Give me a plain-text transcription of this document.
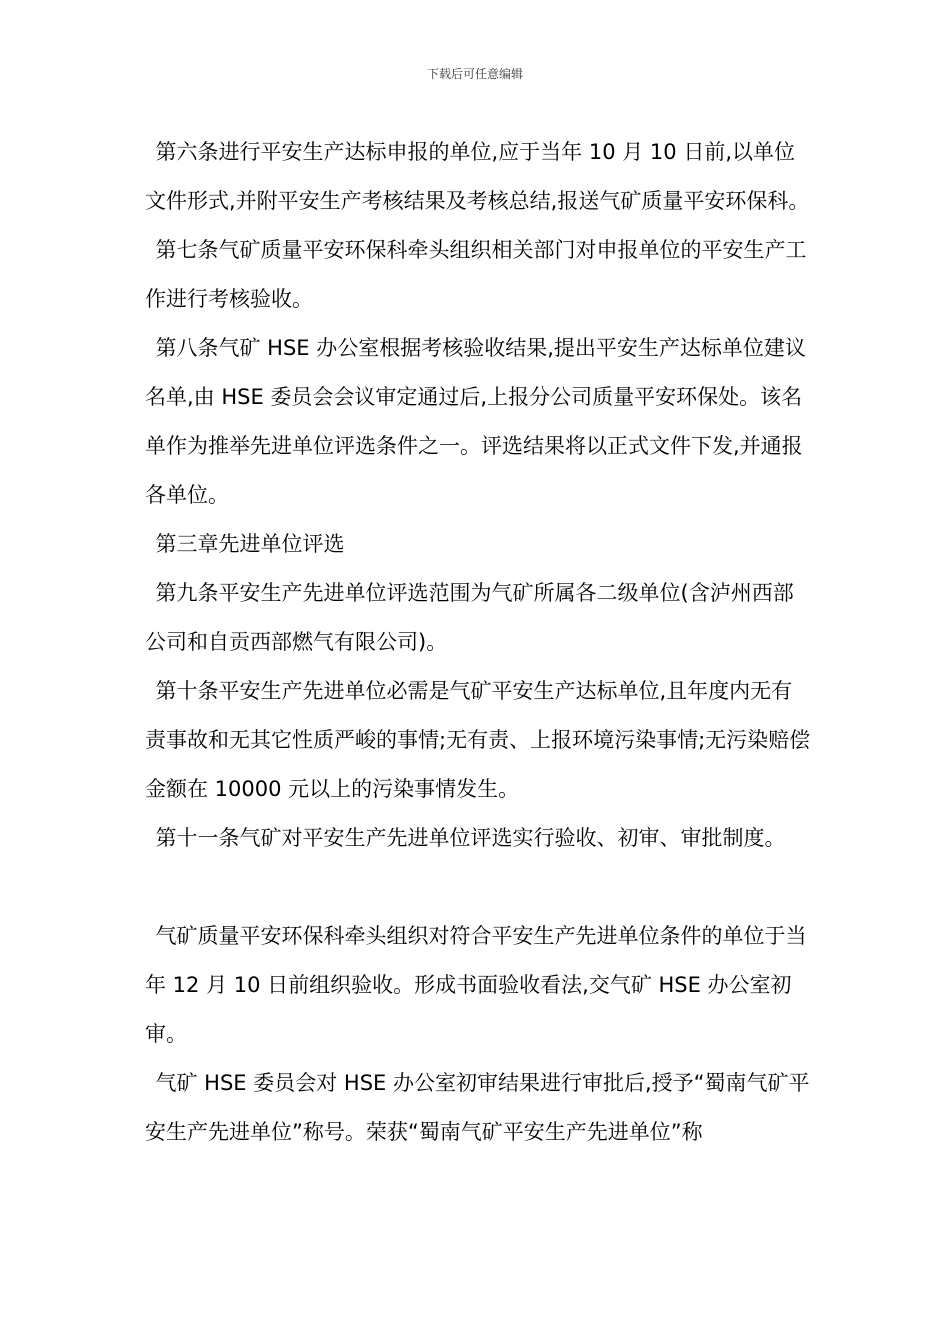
下载后可任意编辑

第六条进行平安生产达标申报的单位,应于当年 10 月 10 日前,以单位文件形式,并附平安生产考核结果及考核总结,报送气矿质量平安环保科。

第七条气矿质量平安环保科牵头组织相关部门对申报单位的平安生产工作进行考核验收。

第八条气矿 HSE 办公室根据考核验收结果,提出平安生产达标单位建议名单,由 HSE 委员会会议审定通过后,上报分公司质量平安环保处。该名单作为推举先进单位评选条件之一。评选结果将以正式文件下发,并通报各单位。

第三章先进单位评选

第九条平安生产先进单位评选范围为气矿所属各二级单位(含泸州西部公司和自贡西部燃气有限公司)。

第十条平安生产先进单位必需是气矿平安生产达标单位,且年度内无有责事故和无其它性质严峻的事情;无有责、上报环境污染事情;无污染赔偿金额在 10000 元以上的污染事情发生。

第十一条气矿对平安生产先进单位评选实行验收、初审、审批制度。

气矿质量平安环保科牵头组织对符合平安生产先进单位条件的单位于当年 12 月 10 日前组织验收。形成书面验收看法,交气矿 HSE 办公室初审。

气矿 HSE 委员会对 HSE 办公室初审结果进行审批后,授予“蜀南气矿平安生产先进单位”称号。荣获“蜀南气矿平安生产先进单位”称
